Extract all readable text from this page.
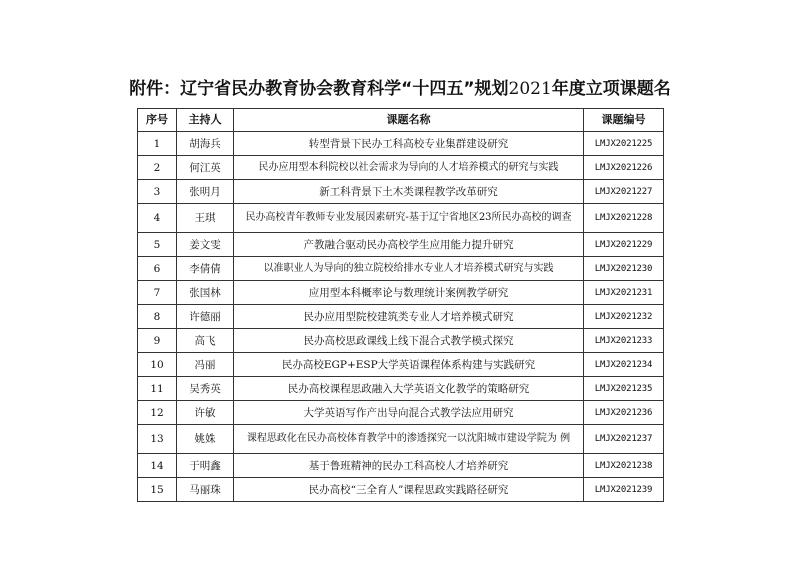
附件：辽宁省民办教育协会教育科学“十四五”规划2021年度立项课题名
序号	主持人	课题名称	课题编号
1	胡海兵	转型背景下民办工科高校专业集群建设研究	LMJX2021225
2	何江英	民办应用型本科院校以社会需求为导向的人才培养模式的研究与实践	LMJX2021226
3	张明月	新工科背景下土木类课程教学改革研究	LMJX2021227
4	王琪	民办高校青年教师专业发展因素研究-基于辽宁省地区23所民办高校的调查	LMJX2021228
5	姜文雯	产教融合驱动民办高校学生应用能力提升研究	LMJX2021229
6	李倩倩	以准职业人为导向的独立院校给排水专业人才培养模式研究与实践	LMJX2021230
7	张国林	应用型本科概率论与数理统计案例教学研究	LMJX2021231
8	许德丽	民办应用型院校建筑类专业人才培养模式研究	LMJX2021232
9	高飞	民办高校思政课线上线下混合式教学模式探究	LMJX2021233
10	冯丽	民办高校EGP+ESP大学英语课程体系构建与实践研究	LMJX2021234
11	吴秀英	民办高校课程思政融入大学英语文化教学的策略研究	LMJX2021235
12	许敏	大学英语写作产出导向混合式教学法应用研究	LMJX2021236
13	姚姝	课程思政化在民办高校体育教学中的渗透探究一以沈阳城市建设学院为 例	LMJX2021237
14	于明鑫	基于鲁班精神的民办工科高校人才培养研究	LMJX2021238
15	马丽珠	民办高校“三全育人”课程思政实践路径研究	LMJX2021239
